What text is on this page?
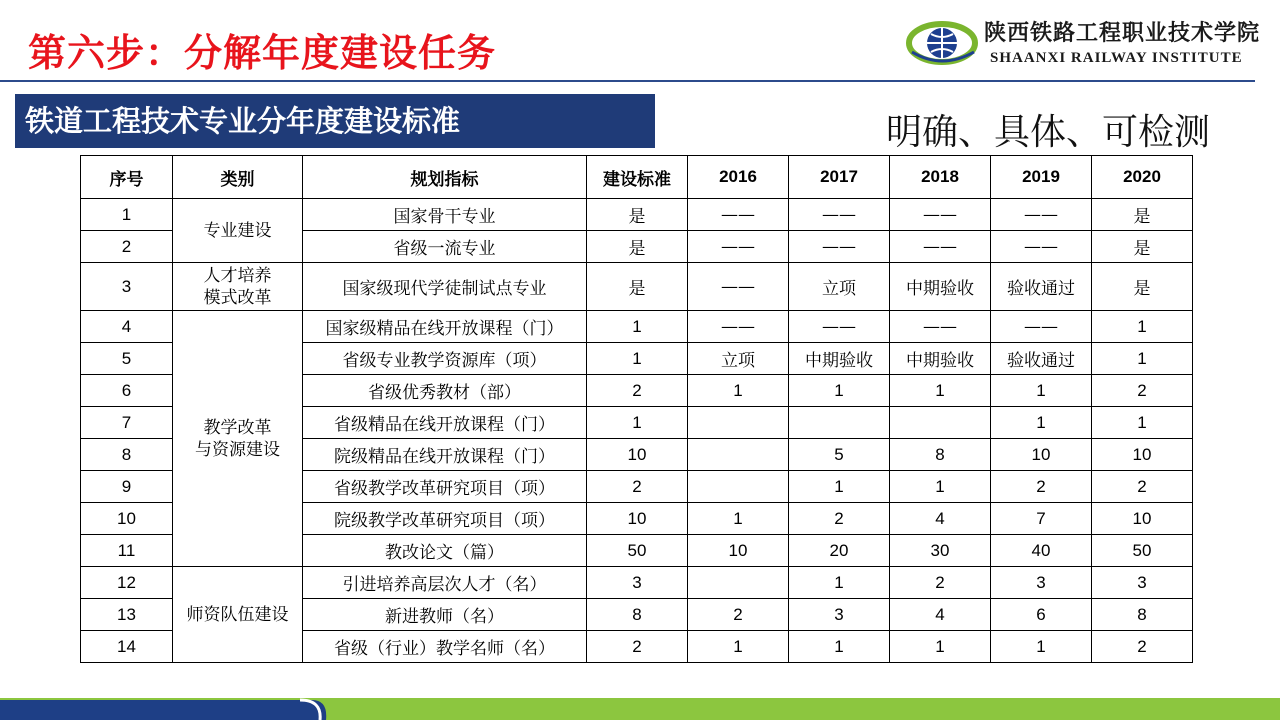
第六步：分解年度建设任务	陕西铁路工程职业技术学院
SHAANXI RAILWAY INSTITUTE
铁道工程技术专业分年度建设标准	明确、具体、可检测
序号	类别	规划指标	建设标准	2016	2017	2018	2019	2020
1	专业建设	国家骨干专业	是	——	——	——	——	是
2		省级一流专业	是	——	——	——	——	是
3	人才培养
模式改革	国家级现代学徒制试点专业	是	——	立项	中期验收	验收通过	是
4	教学改革
与资源建设	国家级精品在线开放课程（门）	1	——	——	——	——	1
5		省级专业教学资源库（项）	1	立项	中期验收	中期验收	验收通过	1
6		省级优秀教材（部）	2	1	1	1	1	2
7		省级精品在线开放课程（门）	1				1	1
8		院级精品在线开放课程（门）	10		5	8	10	10
9		省级教学改革研究项目（项）	2		1	1	2	2
10		院级教学改革研究项目（项）	10	1	2	4	7	10
11		教改论文（篇）	50	10	20	30	40	50
12	师资队伍建设	引进培养高层次人才（名）	3		1	2	3	3
13		新进教师（名）	8	2	3	4	6	8
14		省级（行业）教学名师（名）	2	1	1	1	1	2
